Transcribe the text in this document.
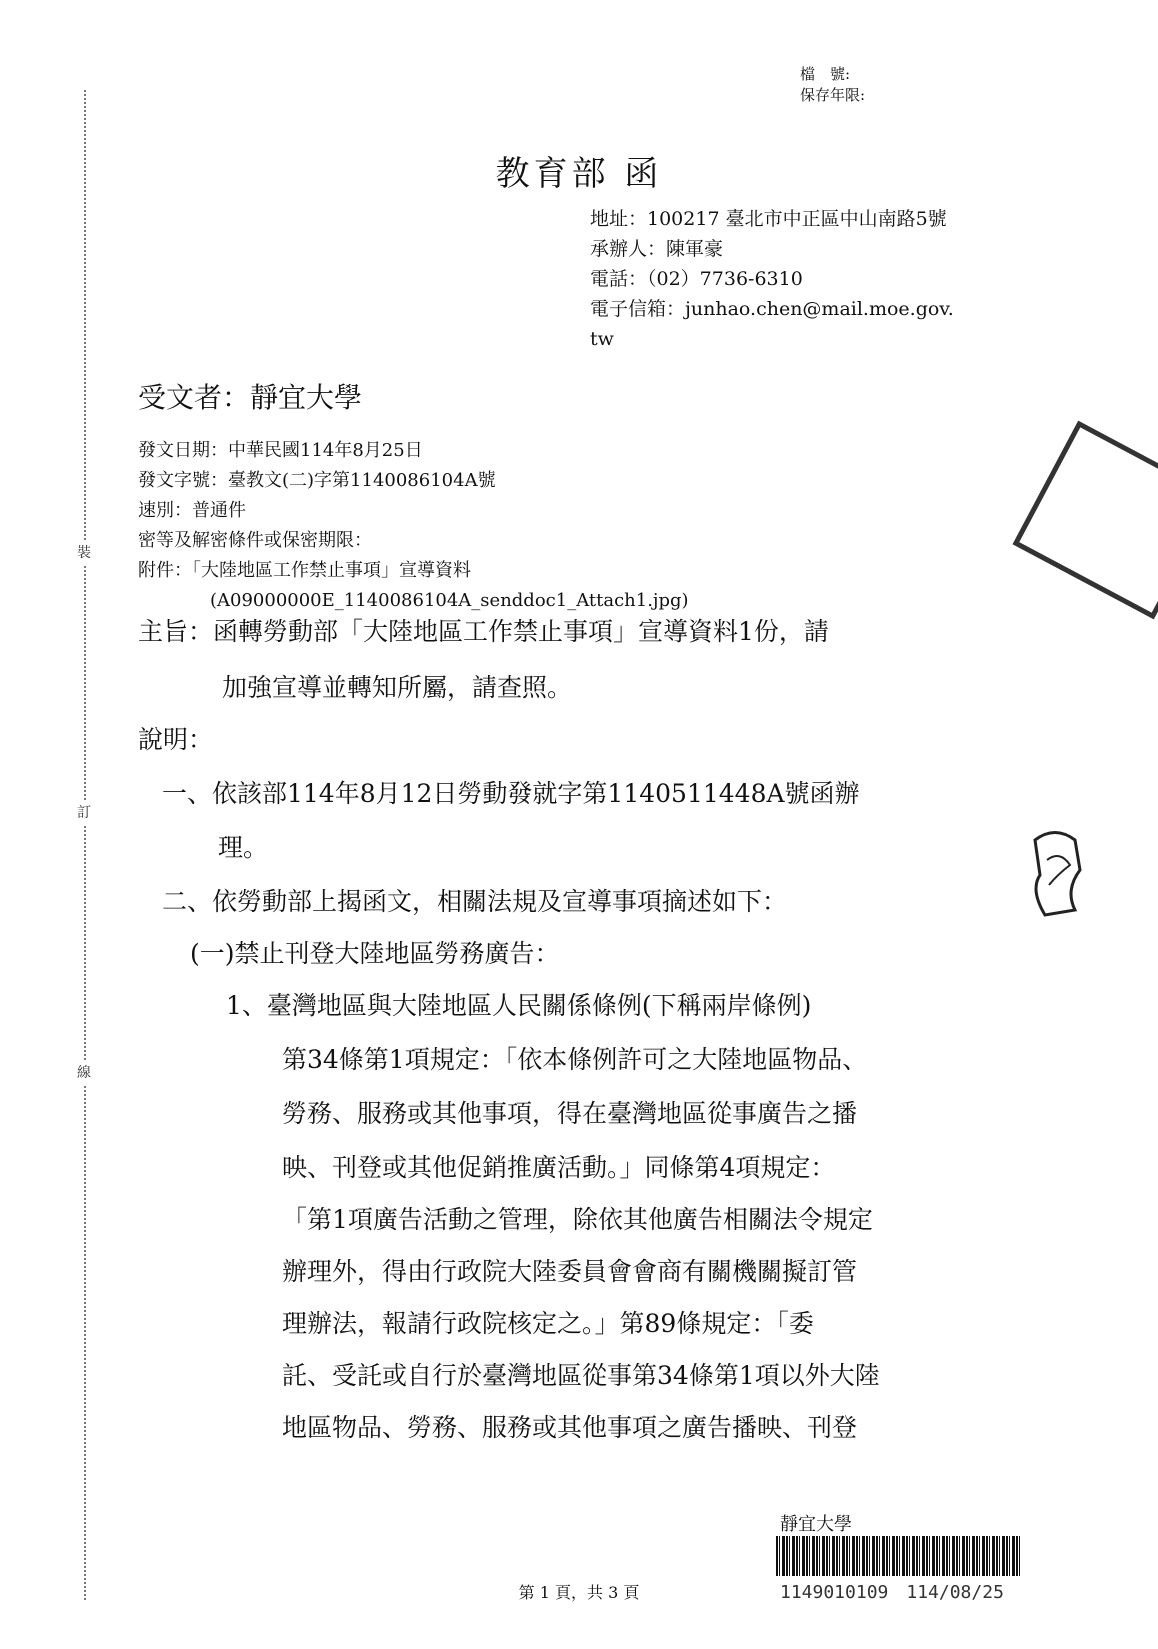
裝
訂
線
檔　號:
保存年限:
教育部 函
地址：100217 臺北市中正區中山南路5號
承辦人：陳軍豪
電話：（02）7736-6310
電子信箱：junhao.chen@mail.moe.gov.
tw
受文者：靜宜大學
發文日期：中華民國114年8月25日
發文字號：臺教文(二)字第1140086104A號
速別：普通件
密等及解密條件或保密期限：
附件：「大陸地區工作禁止事項」宣導資料
(A09000000E_1140086104A_senddoc1_Attach1.jpg)
主旨：函轉勞動部「大陸地區工作禁止事項」宣導資料1份，請
加強宣導並轉知所屬，請查照。
說明：
一、依該部114年8月12日勞動發就字第1140511448A號函辦
理。
二、依勞動部上揭函文，相關法規及宣導事項摘述如下：
(一)禁止刊登大陸地區勞務廣告：
1、臺灣地區與大陸地區人民關係條例(下稱兩岸條例)
第34條第1項規定：「依本條例許可之大陸地區物品、
勞務、服務或其他事項，得在臺灣地區從事廣告之播
映、刊登或其他促銷推廣活動。」同條第4項規定：
「第1項廣告活動之管理，除依其他廣告相關法令規定
辦理外，得由行政院大陸委員會會商有關機關擬訂管
理辦法，報請行政院核定之。」第89條規定：「委
託、受託或自行於臺灣地區從事第34條第1項以外大陸
地區物品、勞務、服務或其他事項之廣告播映、刊登
靜宜大學
1149010109　114/08/25
第 1 頁，共 3 頁
